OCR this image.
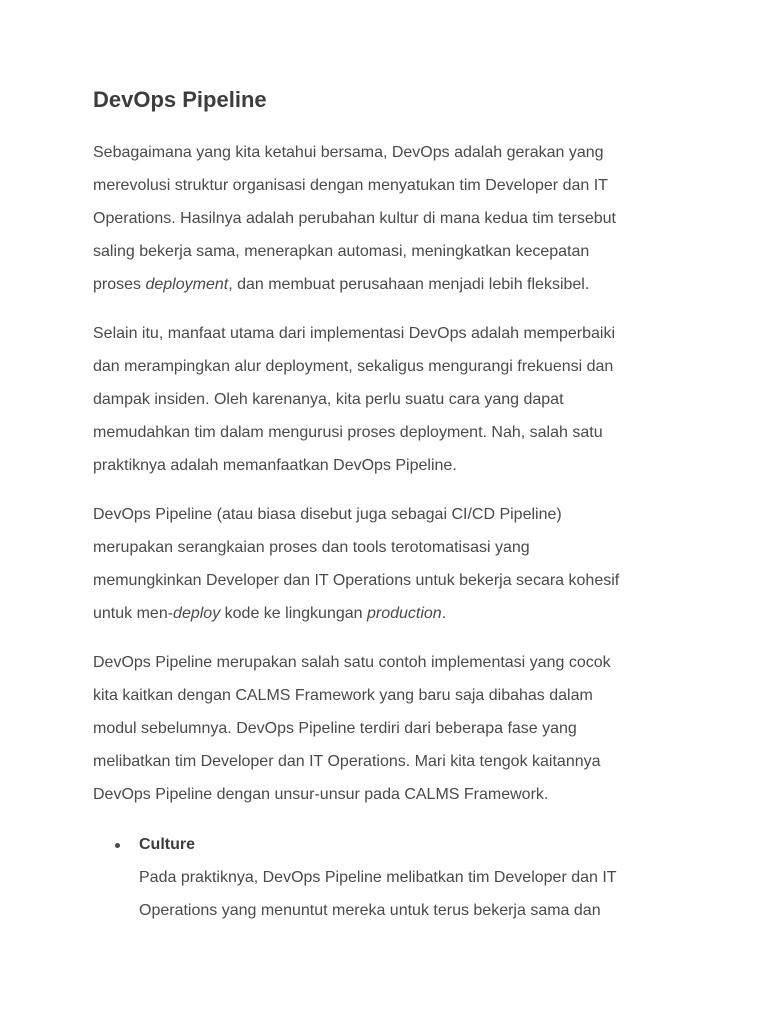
DevOps Pipeline

Sebagaimana yang kita ketahui bersama, DevOps adalah gerakan yang
merevolusi struktur organisasi dengan menyatukan tim Developer dan IT
Operations. Hasilnya adalah perubahan kultur di mana kedua tim tersebut
saling bekerja sama, menerapkan automasi, meningkatkan kecepatan
proses deployment, dan membuat perusahaan menjadi lebih fleksibel.

Selain itu, manfaat utama dari implementasi DevOps adalah memperbaiki
dan merampingkan alur deployment, sekaligus mengurangi frekuensi dan
dampak insiden. Oleh karenanya, kita perlu suatu cara yang dapat
memudahkan tim dalam mengurusi proses deployment. Nah, salah satu
praktiknya adalah memanfaatkan DevOps Pipeline.

DevOps Pipeline (atau biasa disebut juga sebagai CI/CD Pipeline)
merupakan serangkaian proses dan tools terotomatisasi yang
memungkinkan Developer dan IT Operations untuk bekerja secara kohesif
untuk men-deploy kode ke lingkungan production.

DevOps Pipeline merupakan salah satu contoh implementasi yang cocok
kita kaitkan dengan CALMS Framework yang baru saja dibahas dalam
modul sebelumnya. DevOps Pipeline terdiri dari beberapa fase yang
melibatkan tim Developer dan IT Operations. Mari kita tengok kaitannya
DevOps Pipeline dengan unsur-unsur pada CALMS Framework.

Culture
Pada praktiknya, DevOps Pipeline melibatkan tim Developer dan IT
Operations yang menuntut mereka untuk terus bekerja sama dan
